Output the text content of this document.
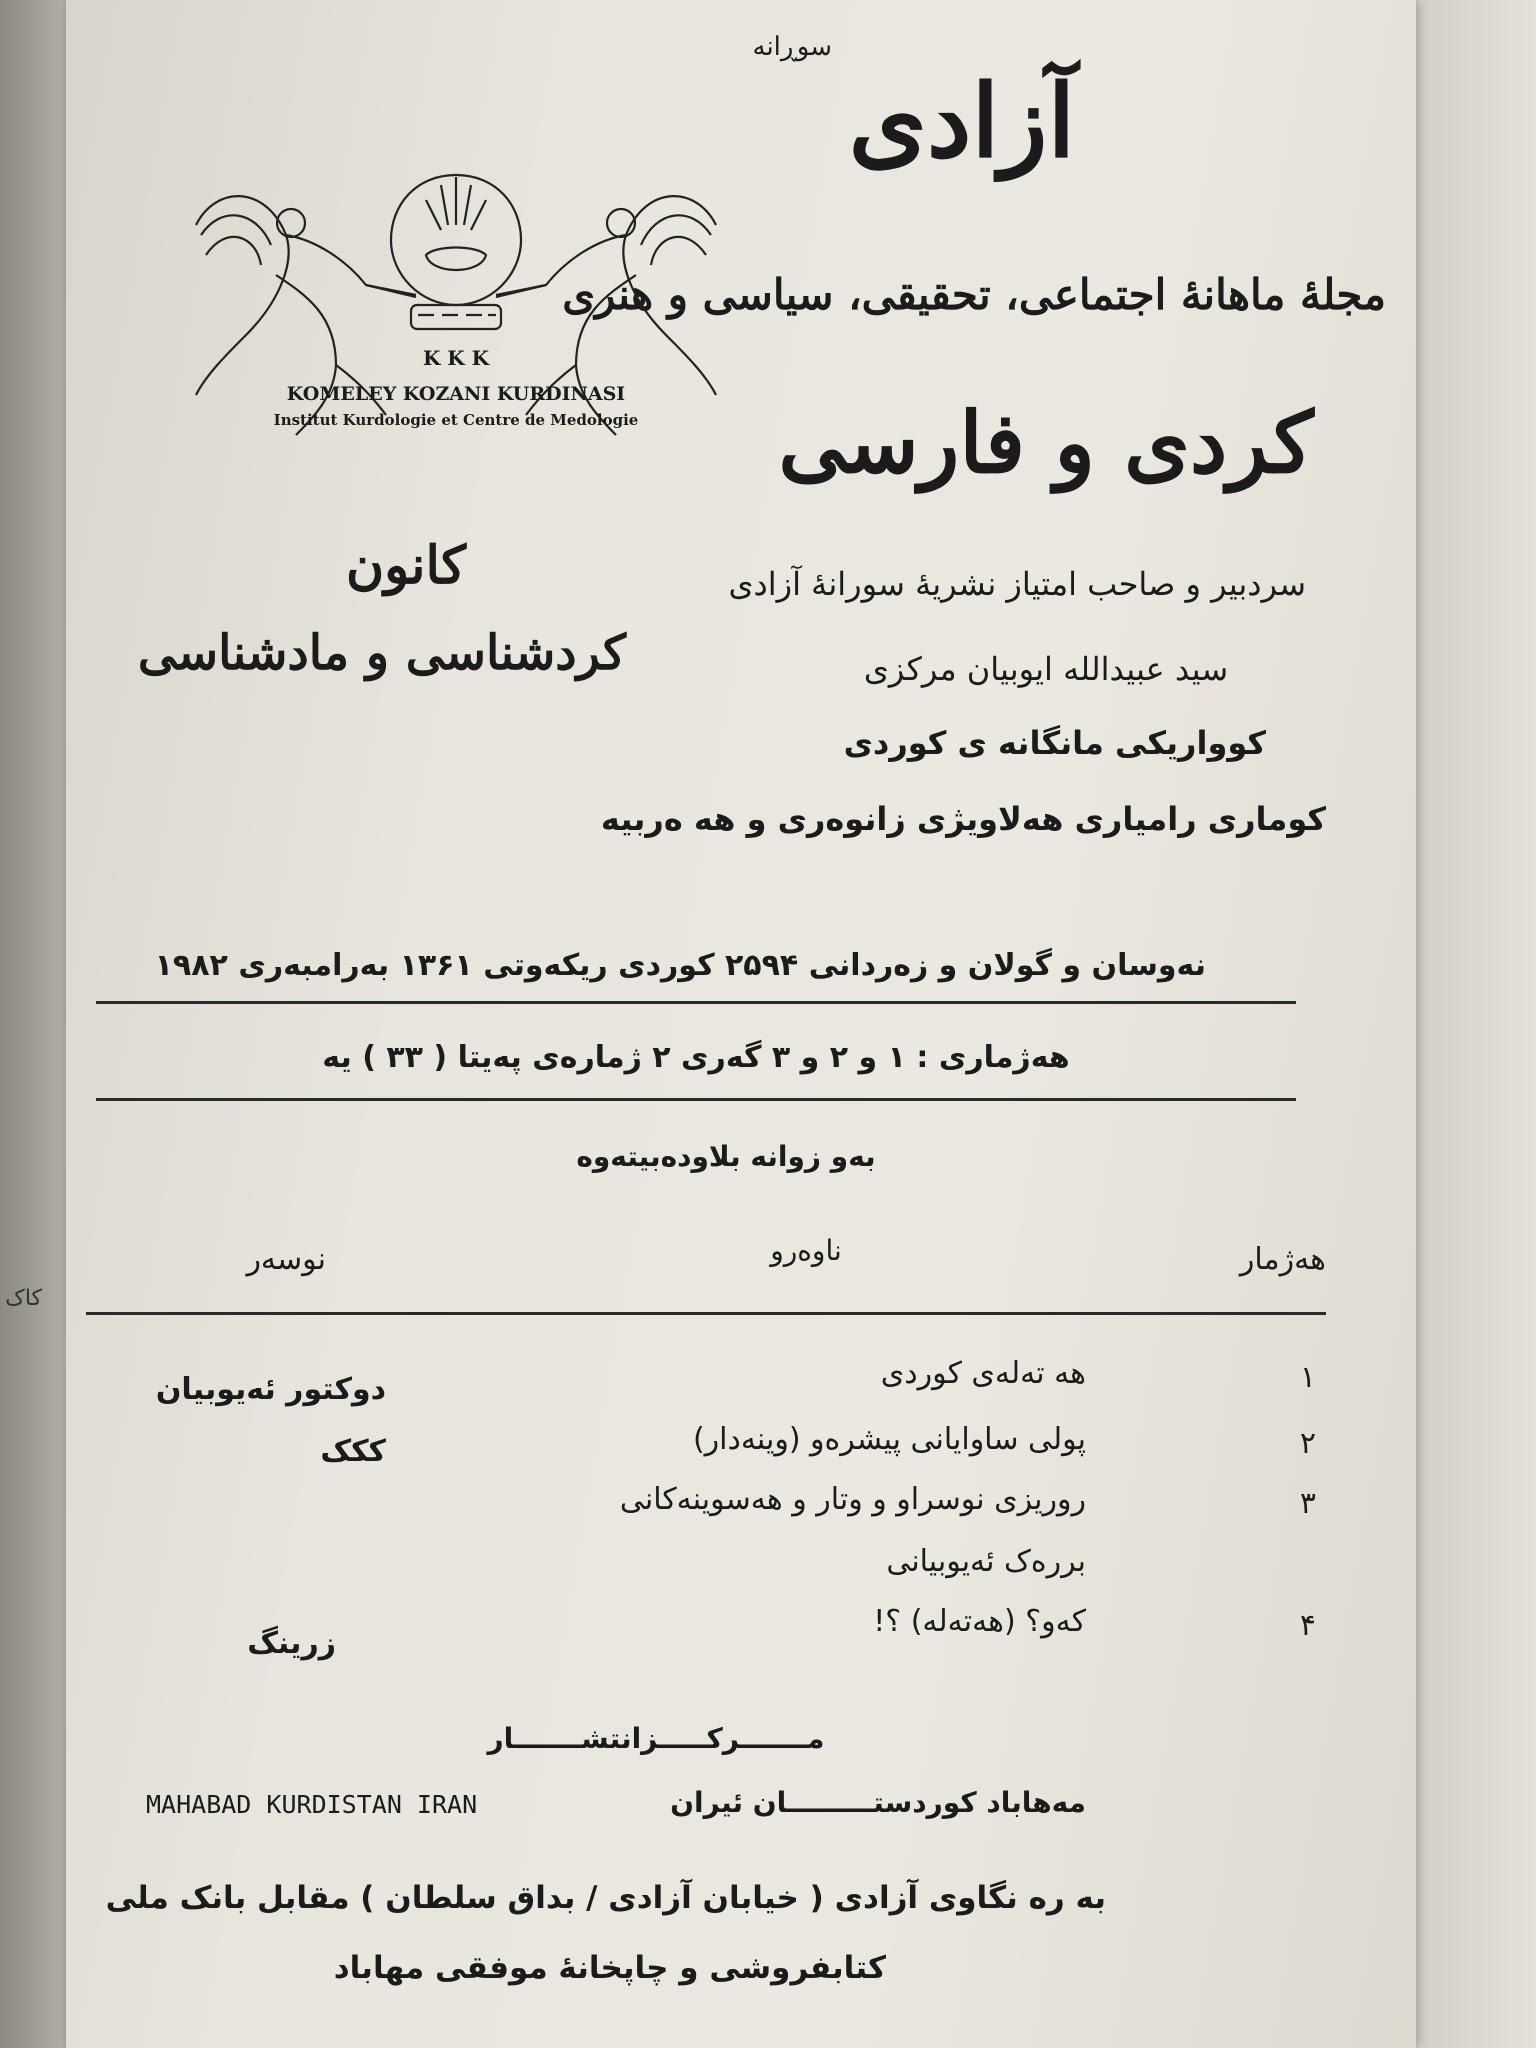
کاک
سوڕانە
آزادی
مجلۀ ماهانۀ اجتماعی، تحقیقی، سیاسی و هنری
کردی و فارسی
سردبیر و صاحب امتیاز نشریۀ سورانۀ آزادی
سید عبیداللە ایوبیان مرکزی
کوواریکی مانگانە ی کوردی
کوماری رامیاری هەلاویژی زانوەری و هە ەربیە
K K K
KOMELEY KOZANI KURDINASI
Institut Kurdologie et Centre de Medologie
کانون
کردشناسی و مادشناسی
نەوسان و گولان و زەردانی ۲۵۹۴ کوردی ریکەوتی ۱۳۶۱ بەرامبەری ۱۹۸۲
هەژماری : ۱ و ۲ و ۳ گەری ۲ ژمارەی پەیتا ( ۳۳ ) یە
بەو زوانە بلاودەبیتەوە
هەژمار
ناوەرو
نوسەر
۱
هە تەلەی کوردی
دوکتور ئەیوبیان
۲
پولی ساوایانی پیشرەو (وینەدار)
ککک
۳
روریزی نوسراو و وتار و هەسوینەکانی
بررەک ئەیوبیانی
۴
کەو؟ (هەتەلە) ؟!
زرینگ
مـــــــرکـــــزانتشـــــــار
MAHABAD KURDISTAN IRAN	مەهاباد کوردستـــــــــان ئیران
بە رە نگاوی آزادی ( خیابان آزادی / بداق سلطان ) مقابل بانک ملی
کتابفروشی و چاپخانۀ موفقی مهاباد
